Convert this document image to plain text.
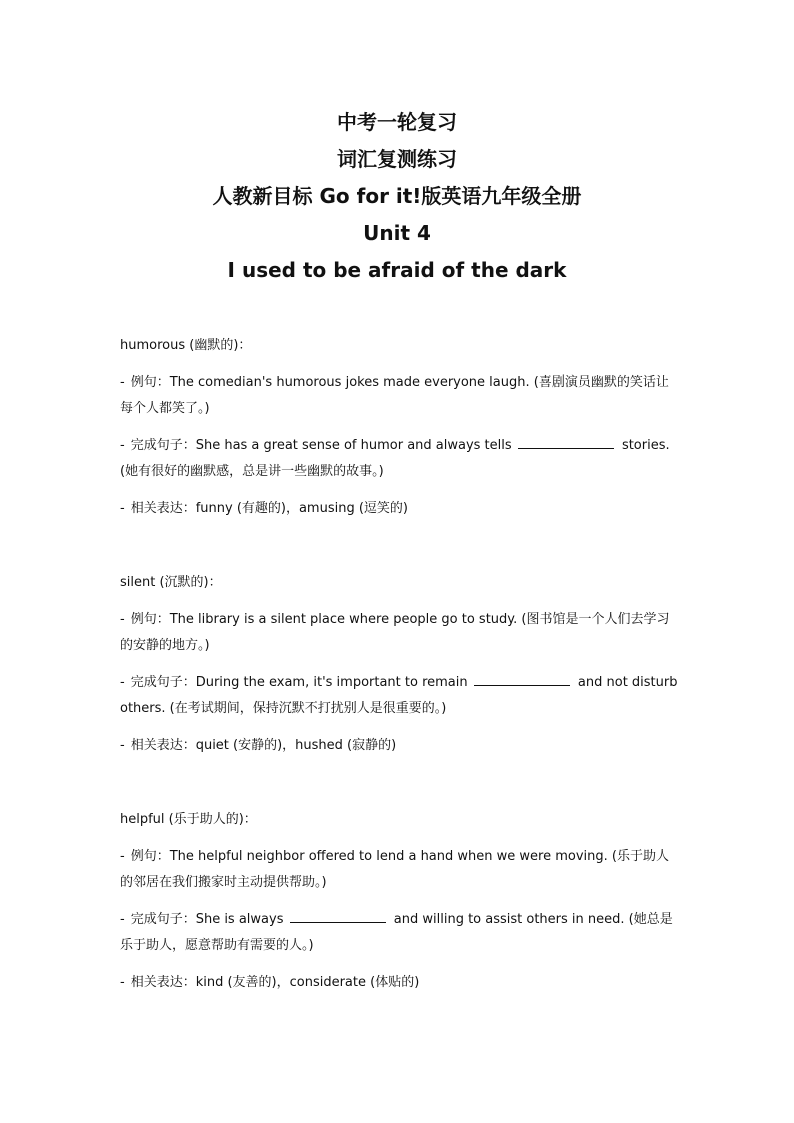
中考一轮复习
词汇复测练习
人教新目标 Go for it!版英语九年级全册
Unit 4
I used to be afraid of the dark

humorous (幽默的)：

- 例句：The comedian's humorous jokes made everyone laugh. (喜剧演员幽默的笑话让每个人都笑了。)

- 完成句子：She has a great sense of humor and always tells	stories. (她有很好的幽默感，总是讲一些幽默的故事。)

- 相关表达：funny (有趣的)，amusing (逗笑的)

silent (沉默的)：

- 例句：The library is a silent place where people go to study. (图书馆是一个人们去学习的安静的地方。)

- 完成句子：During the exam, it's important to remain	and not disturb others. (在考试期间，保持沉默不打扰别人是很重要的。)

- 相关表达：quiet (安静的)，hushed (寂静的)

helpful (乐于助人的)：

- 例句：The helpful neighbor offered to lend a hand when we were moving. (乐于助人的邻居在我们搬家时主动提供帮助。)

- 完成句子：She is always	and willing to assist others in need. (她总是乐于助人，愿意帮助有需要的人。)

- 相关表达：kind (友善的)，considerate (体贴的)
